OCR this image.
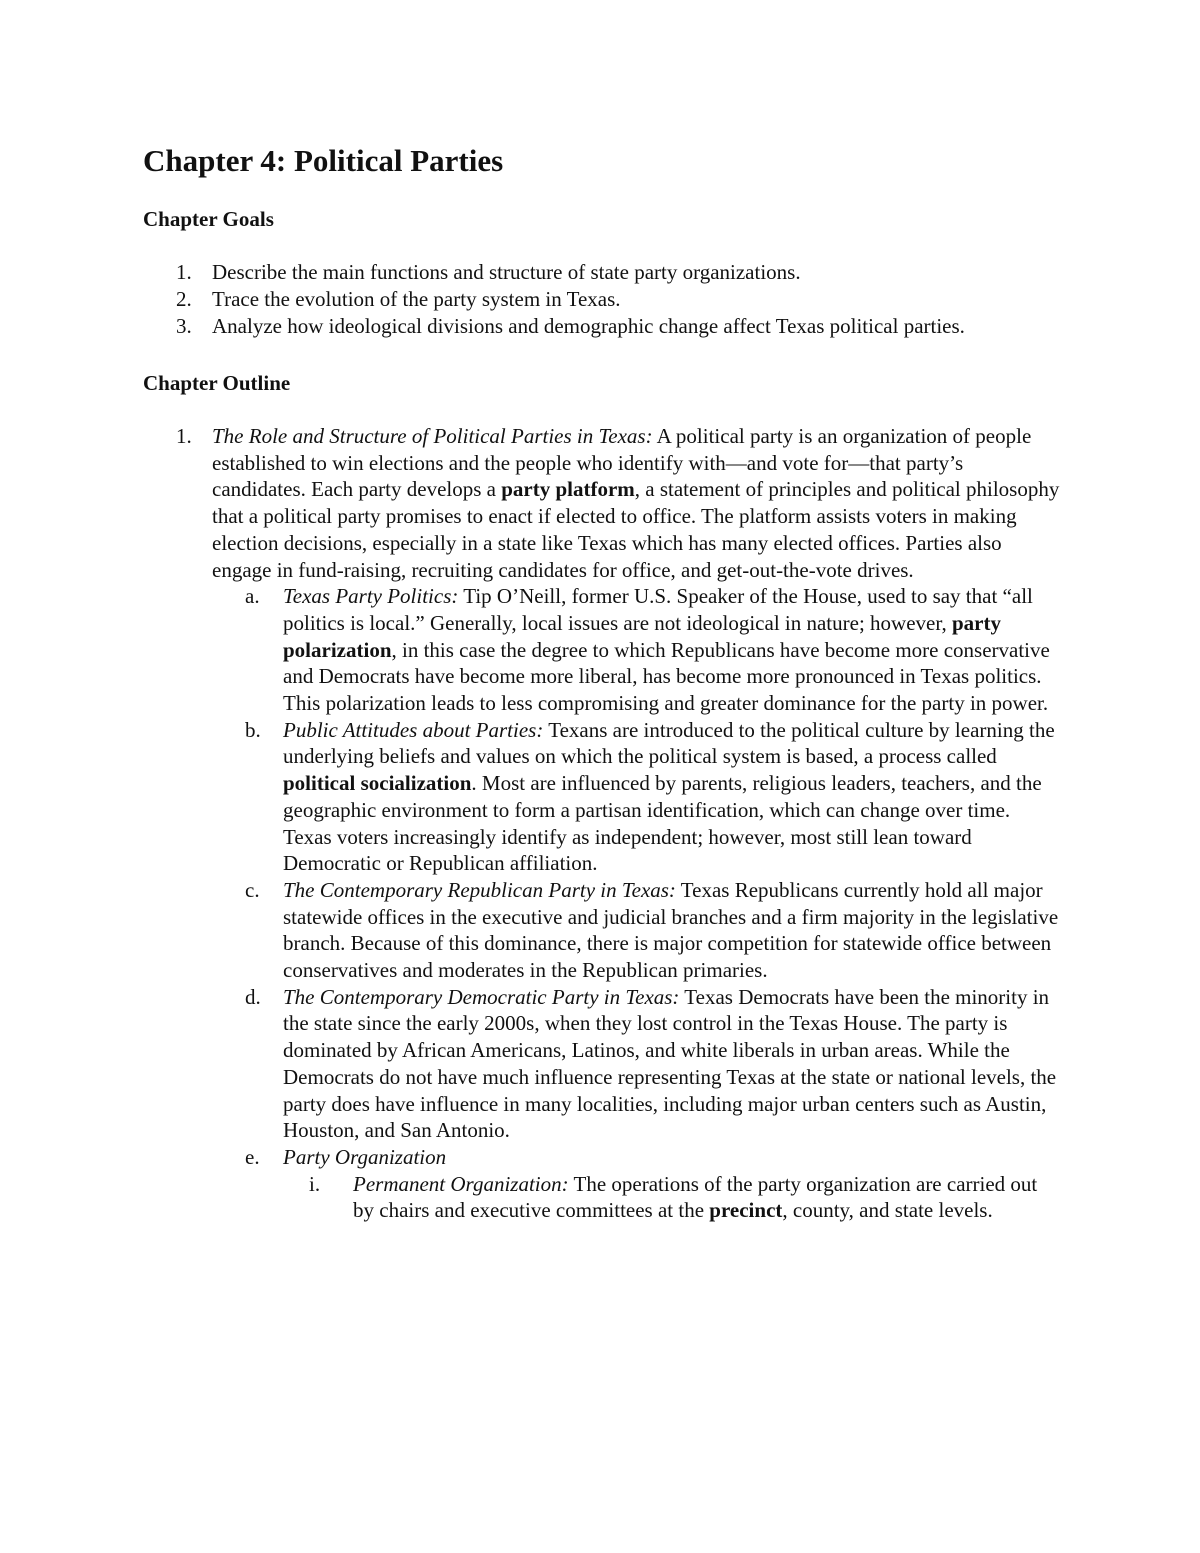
Chapter 4: Political Parties
Chapter Goals
1. Describe the main functions and structure of state party organizations.
2. Trace the evolution of the party system in Texas.
3. Analyze how ideological divisions and demographic change affect Texas political parties.
Chapter Outline
1. The Role and Structure of Political Parties in Texas: A political party is an organization of people established to win elections and the people who identify with—and vote for—that party’s candidates. Each party develops a party platform, a statement of principles and political philosophy that a political party promises to enact if elected to office. The platform assists voters in making election decisions, especially in a state like Texas which has many elected offices. Parties also engage in fund-raising, recruiting candidates for office, and get-out-the-vote drives.
a. Texas Party Politics: Tip O’Neill, former U.S. Speaker of the House, used to say that “all politics is local.” Generally, local issues are not ideological in nature; however, party polarization, in this case the degree to which Republicans have become more conservative and Democrats have become more liberal, has become more pronounced in Texas politics. This polarization leads to less compromising and greater dominance for the party in power.
b. Public Attitudes about Parties: Texans are introduced to the political culture by learning the underlying beliefs and values on which the political system is based, a process called political socialization. Most are influenced by parents, religious leaders, teachers, and the geographic environment to form a partisan identification, which can change over time. Texas voters increasingly identify as independent; however, most still lean toward Democratic or Republican affiliation.
c. The Contemporary Republican Party in Texas: Texas Republicans currently hold all major statewide offices in the executive and judicial branches and a firm majority in the legislative branch. Because of this dominance, there is major competition for statewide office between conservatives and moderates in the Republican primaries.
d. The Contemporary Democratic Party in Texas: Texas Democrats have been the minority in the state since the early 2000s, when they lost control in the Texas House. The party is dominated by African Americans, Latinos, and white liberals in urban areas. While the Democrats do not have much influence representing Texas at the state or national levels, the party does have influence in many localities, including major urban centers such as Austin, Houston, and San Antonio.
e. Party Organization
i. Permanent Organization: The operations of the party organization are carried out by chairs and executive committees at the precinct, county, and state levels.
